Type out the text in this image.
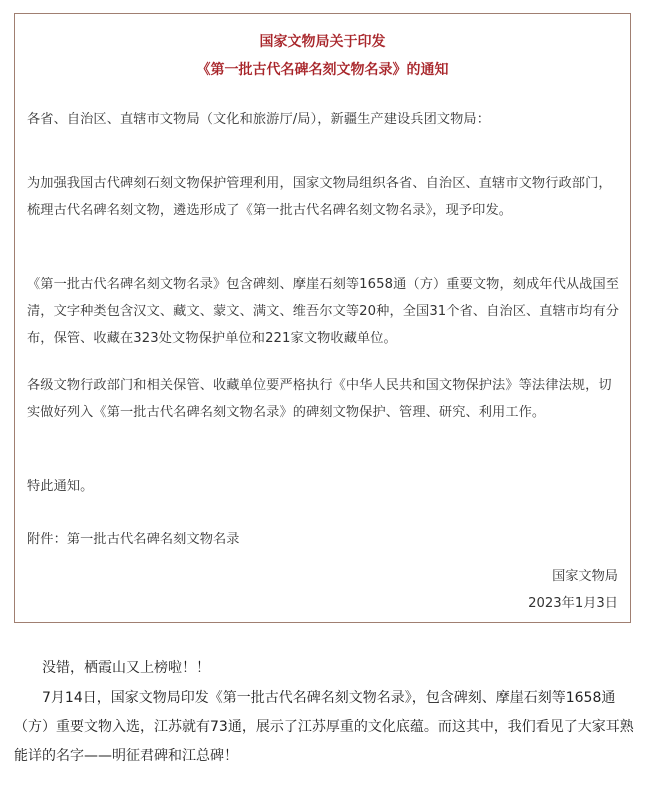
国家文物局关于印发
《第一批古代名碑名刻文物名录》的通知

各省、自治区、直辖市文物局（文化和旅游厅/局），新疆生产建设兵团文物局：

为加强我国古代碑刻石刻文物保护管理利用，国家文物局组织各省、自治区、直辖市文物行政部门，梳理古代名碑名刻文物，遴选形成了《第一批古代名碑名刻文物名录》，现予印发。

《第一批古代名碑名刻文物名录》包含碑刻、摩崖石刻等1658通（方）重要文物，刻成年代从战国至清，文字种类包含汉文、藏文、蒙文、满文、维吾尔文等20种，全国31个省、自治区、直辖市均有分布，保管、收藏在323处文物保护单位和221家文物收藏单位。

各级文物行政部门和相关保管、收藏单位要严格执行《中华人民共和国文物保护法》等法律法规，切实做好列入《第一批古代名碑名刻文物名录》的碑刻文物保护、管理、研究、利用工作。

特此通知。

附件：第一批古代名碑名刻文物名录

国家文物局
2023年1月3日

没错，栖霞山又上榜啦！！

7月14日，国家文物局印发《第一批古代名碑名刻文物名录》，包含碑刻、摩崖石刻等1658通（方）重要文物入选，江苏就有73通，展示了江苏厚重的文化底蕴。而这其中，我们看见了大家耳熟能详的名字——明征君碑和江总碑！
